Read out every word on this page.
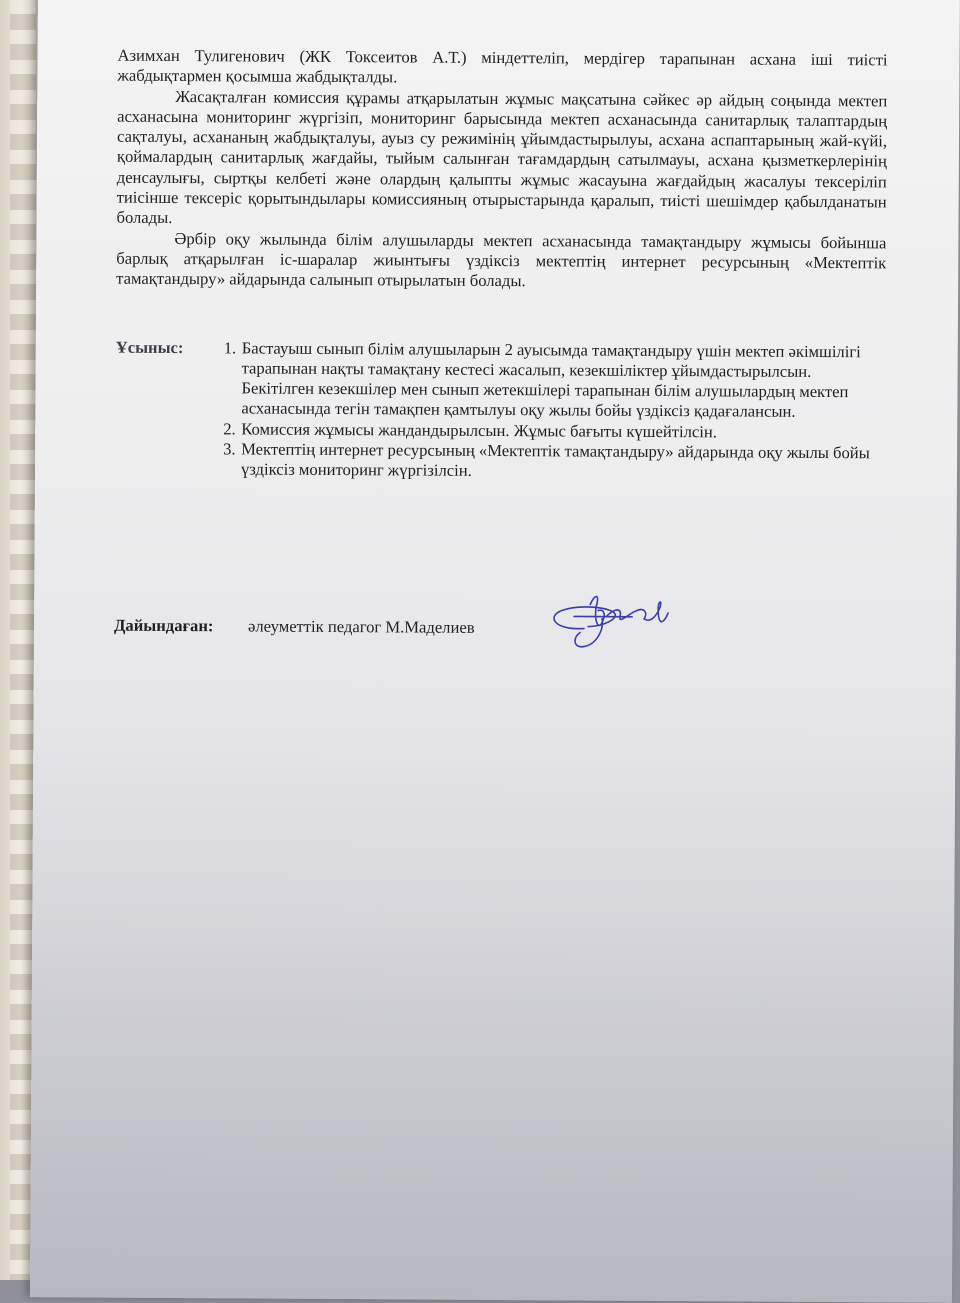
Азимхан Тулигенович (ЖК Токсеитов А.Т.) міндеттеліп, мердігер тарапынан асхана іші тиісті жабдықтармен қосымша жабдықталды.

Жасақталған комиссия құрамы атқарылатын жұмыс мақсатына сәйкес әр айдың соңында мектеп асханасына мониторинг жүргізіп, мониторинг барысында мектеп асханасында санитарлық талаптардың сақталуы, асхананың жабдықталуы, ауыз су режимінің ұйымдастырылуы, асхана аспаптарының жай-күйі, қоймалардың санитарлық жағдайы, тыйым салынған тағамдардың сатылмауы, асхана қызметкерлерінің денсаулығы, сыртқы келбеті және олардың қалыпты жұмыс жасауына жағдайдың жасалуы тексеріліп тиісінше тексеріс қорытындылары комиссияның отырыстарында қаралып, тиісті шешімдер қабылданатын болады.

Әрбір оқу жылында білім алушыларды мектеп асханасында тамақтандыру жұмысы бойынша барлық атқарылған іс-шаралар жиынтығы үздіксіз мектептің интернет ресурсының «Мектептік тамақтандыру» айдарында салынып отырылатын болады.

Ұсыныс: 1. Бастауыш сынып білім алушыларын 2 ауысымда тамақтандыру үшін мектеп әкімшілігі тарапынан нақты тамақтану кестесі жасалып, кезекшіліктер ұйымдастырылсын. Бекітілген кезекшілер мен сынып жетекшілері тарапынан білім алушылардың мектеп асханасында тегін тамақпен қамтылуы оқу жылы бойы үздіксіз қадағалансын.
2. Комиссия жұмысы жандандырылсын. Жұмыс бағыты күшейтілсін.
3. Мектептің интернет ресурсының «Мектептік тамақтандыру» айдарында оқу жылы бойы үздіксіз мониторинг жүргізілсін.
Дайындаған: әлеуметтік педагог М.Маделиев
